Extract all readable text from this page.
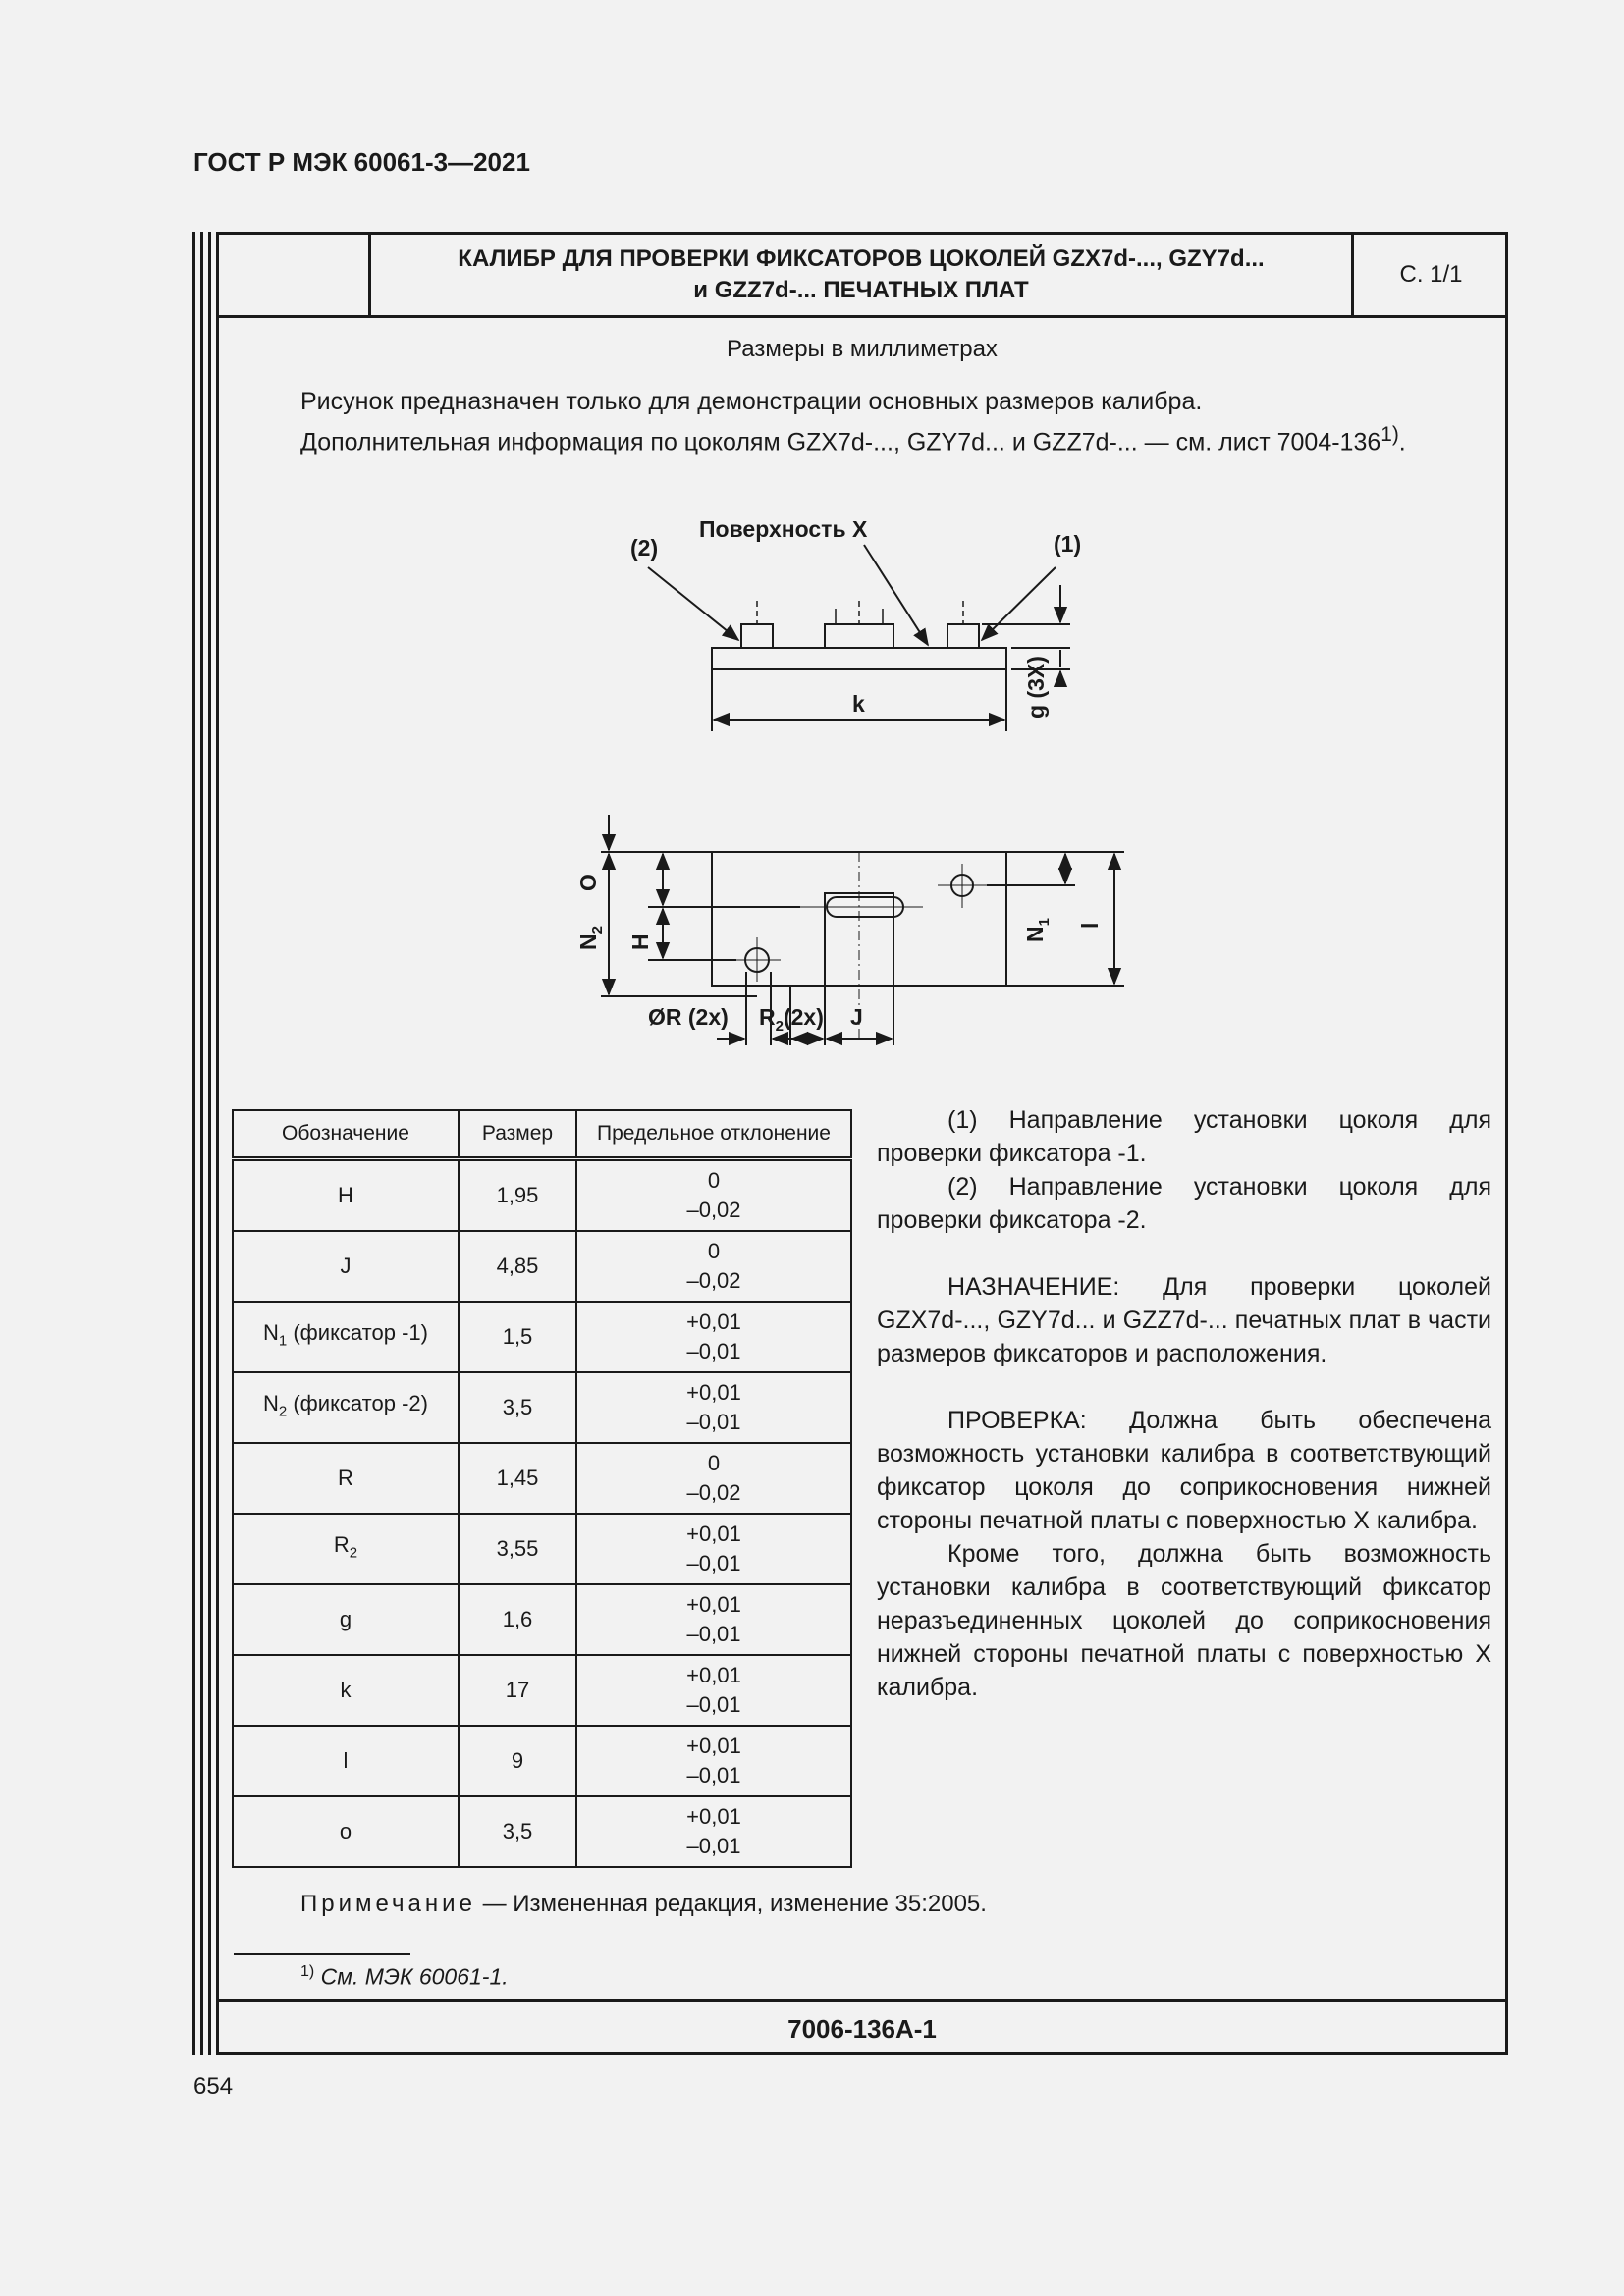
ГОСТ Р МЭК 60061-3—2021
КАЛИБР ДЛЯ ПРОВЕРКИ ФИКСАТОРОВ ЦОКОЛЕЙ GZX7d-..., GZY7d...
и GZZ7d-... ПЕЧАТНЫХ ПЛАТ
С. 1/1
Размеры в миллиметрах
Рисунок предназначен только для демонстрации основных размеров калибра.
Дополнительная информация по цоколям GZX7d-..., GZY7d... и GZZ7d-... — см. лист 7004-136$^{1)}$.
Поверхность X
(2)	(1)
k	g (3X)
O
$N_2$
H	$N_1$ l
ØR (2x) $R_2(2x)$ J
Обозначение	Размер	Предельное отклонение
H	1,95	0
–0,02

J	4,85	0
–0,02

$N_1$ (фиксатор -1)	1,5	+0,01
–0,01

$N_2$ (фиксатор -2)	3,5	+0,01
–0,01

R	1,45	0
–0,02

$R_2$	3,55	+0,01
–0,01

g	1,6	+0,01
–0,01

k	17	+0,01
–0,01

l	9	+0,01
–0,01

o	3,5	+0,01
–0,01

(1) Направление установки цоколя для проверки фиксатора -1.

(2) Направление установки цоколя для проверки фиксатора -2.

НАЗНАЧЕНИЕ: Для проверки цоколей GZX7d-..., GZY7d... и GZZ7d-... печатных плат в части размеров фиксаторов и расположения.

ПРОВЕРКА: Должна быть обеспечена возможность установки калибра в соответствующий фиксатор цоколя до соприкосновения нижней стороны печатной платы с поверхностью X калибра.

Кроме того, должна быть возможность установки калибра в соответствующий фиксатор неразъединенных цоколей до соприкосновения нижней стороны печатной платы с поверхностью X калибра.

Примечание — Измененная редакция, изменение 35:2005.
$^{1)}$ См. МЭК 60061-1.
7006-136A-1
654
